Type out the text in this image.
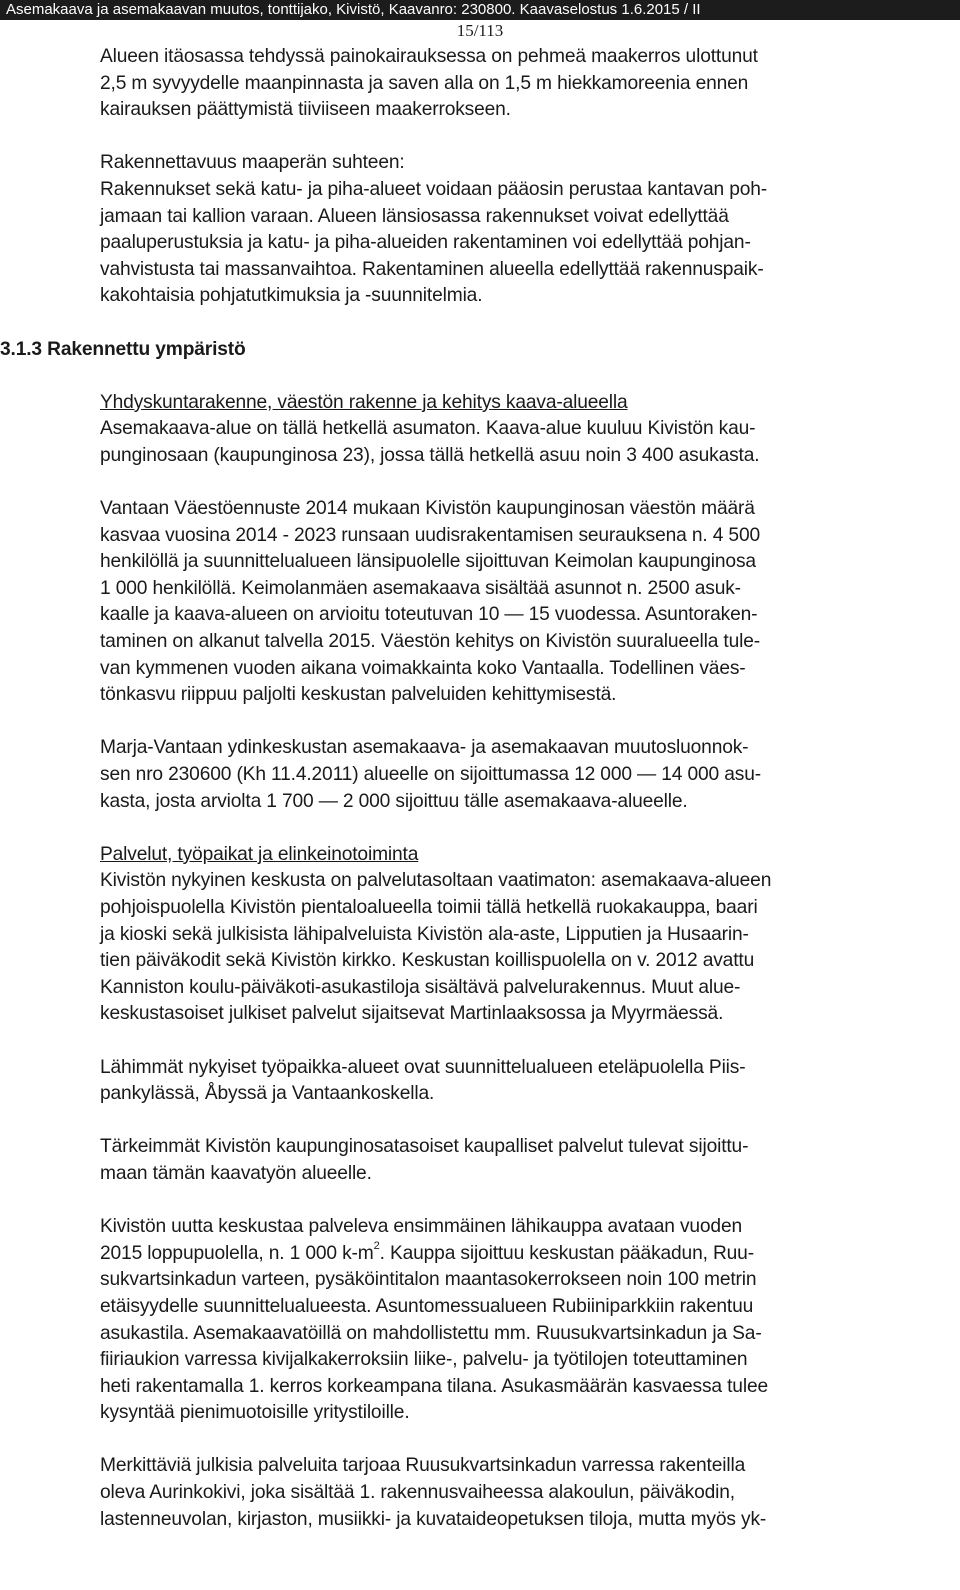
Asemakaava ja asemakaavan muutos, tonttijako, Kivistö, Kaavanro: 230800. Kaavaselostus 1.6.2015 / II
15/113

Alueen itäosassa tehdyssä painokairauksessa on pehmeä maakerros ulottunut
2,5 m syvyydelle maanpinnasta ja saven alla on 1,5 m hiekkamoreenia ennen
kairauksen päättymistä tiiviiseen maakerrokseen.

Rakennettavuus maaperän suhteen:
Rakennukset sekä katu- ja piha-alueet voidaan pääosin perustaa kantavan poh-
jamaan tai kallion varaan. Alueen länsiosassa rakennukset voivat edellyttää
paaluperustuksia ja katu- ja piha-alueiden rakentaminen voi edellyttää pohjan-
vahvistusta tai massanvaihtoa. Rakentaminen alueella edellyttää rakennuspaik-
kakohtaisia pohjatutkimuksia ja -suunnitelmia.

3.1.3 Rakennettu ympäristö

Yhdyskuntarakenne, väestön rakenne ja kehitys kaava-alueella

Asemakaava-alue on tällä hetkellä asumaton. Kaava-alue kuuluu Kivistön kau-
punginosaan (kaupunginosa 23), jossa tällä hetkellä asuu noin 3 400 asukasta.

Vantaan Väestöennuste 2014 mukaan Kivistön kaupunginosan väestön määrä
kasvaa vuosina 2014 - 2023 runsaan uudisrakentamisen seurauksena n. 4 500
henkilöllä ja suunnittelualueen länsipuolelle sijoittuvan Keimolan kaupunginosa
1 000 henkilöllä. Keimolanmäen asemakaava sisältää asunnot n. 2500 asuk-
kaalle ja kaava-alueen on arvioitu toteutuvan 10 — 15 vuodessa. Asuntoraken-
taminen on alkanut talvella 2015. Väestön kehitys on Kivistön suuralueella tule-
van kymmenen vuoden aikana voimakkainta koko Vantaalla. Todellinen väes-
tönkasvu riippuu paljolti keskustan palveluiden kehittymisestä.

Marja-Vantaan ydinkeskustan asemakaava- ja asemakaavan muutosluonnok-
sen nro 230600 (Kh 11.4.2011) alueelle on sijoittumassa 12 000 — 14 000 asu-
kasta, josta arviolta 1 700 — 2 000 sijoittuu tälle asemakaava-alueelle.

Palvelut, työpaikat ja elinkeinotoiminta

Kivistön nykyinen keskusta on palvelutasoltaan vaatimaton: asemakaava-alueen
pohjoispuolella Kivistön pientaloalueella toimii tällä hetkellä ruokakauppa, baari
ja kioski sekä julkisista lähipalveluista Kivistön ala-aste, Lipputien ja Husaarin-
tien päiväkodit sekä Kivistön kirkko. Keskustan koillispuolella on v. 2012 avattu
Kanniston koulu-päiväkoti-asukastiloja sisältävä palvelurakennus. Muut alue-
keskustasoiset julkiset palvelut sijaitsevat Martinlaaksossa ja Myyrmäessä.

Lähimmät nykyiset työpaikka-alueet ovat suunnittelualueen eteläpuolella Piis-
pankylässä, Åbyssä ja Vantaankoskella.

Tärkeimmät Kivistön kaupunginosatasoiset kaupalliset palvelut tulevat sijoittu-
maan tämän kaavatyön alueelle.

Kivistön uutta keskustaa palveleva ensimmäinen lähikauppa avataan vuoden
2015 loppupuolella, n. 1 000 $k-m^2$. Kauppa sijoittuu keskustan pääkadun, Ruu-
sukvartsinkadun varteen, pysäköintitalon maantasokerrokseen noin 100 metrin
etäisyydelle suunnittelualueesta. Asuntomessualueen Rubiiniparkkiin rakentuu
asukastila. Asemakaavatöillä on mahdollistettu mm. Ruusukvartsinkadun ja Sa-
fiiriaukion varressa kivijalkakerroksiin liike-, palvelu- ja työtilojen toteuttaminen
heti rakentamalla 1. kerros korkeampana tilana. Asukasmäärän kasvaessa tulee
kysyntää pienimuotoisille yritystiloille.

Merkittäviä julkisia palveluita tarjoaa Ruusukvartsinkadun varressa rakenteilla
oleva Aurinkokivi, joka sisältää 1. rakennusvaiheessa alakoulun, päiväkodin,
lastenneuvolan, kirjaston, musiikki- ja kuvataideopetuksen tiloja, mutta myös yk-
